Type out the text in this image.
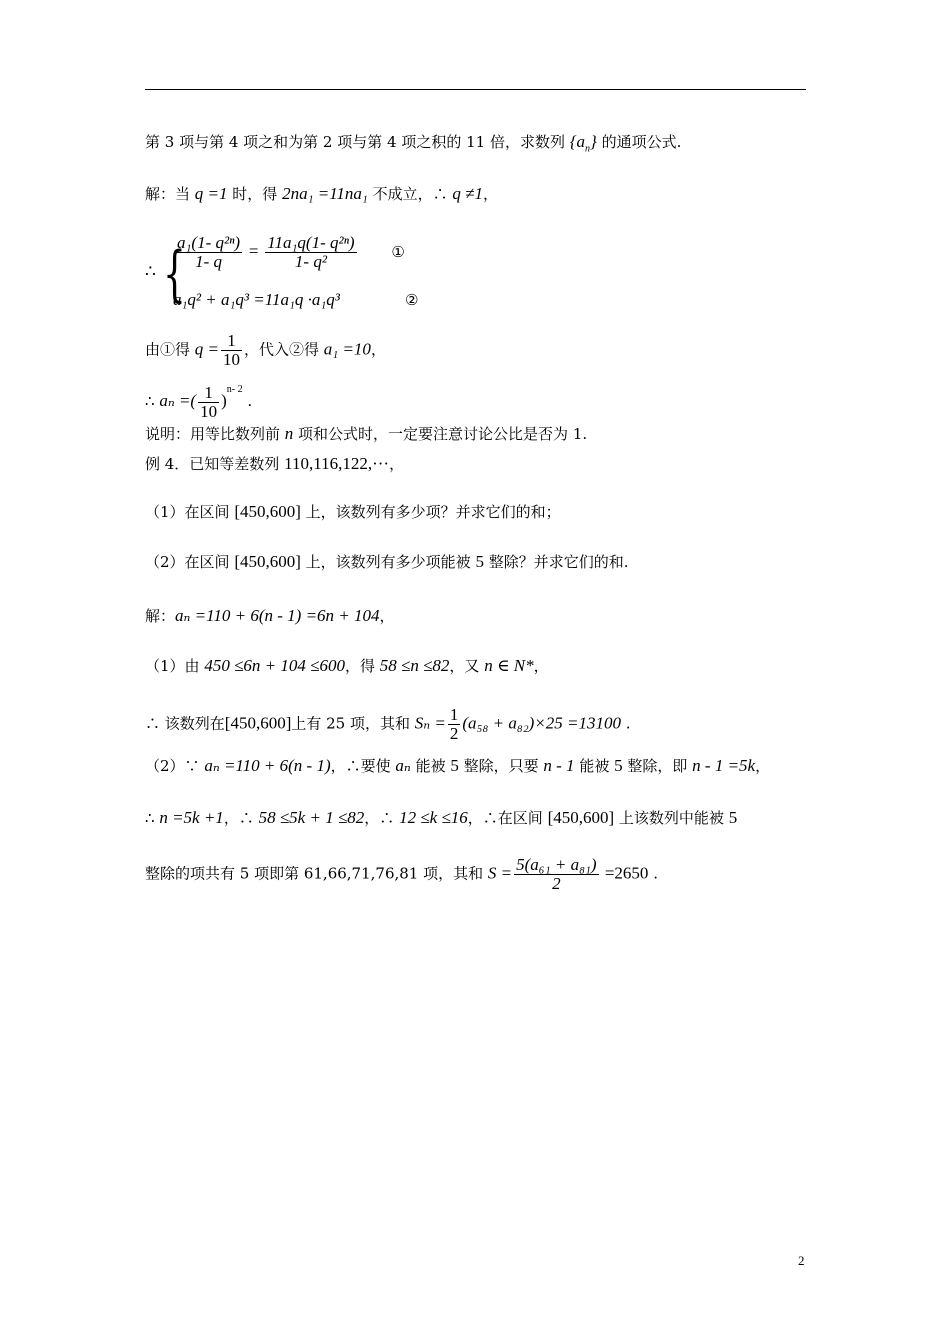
第 3 项与第 4 项之和为第 2 项与第 4 项之积的 11 倍，求数列 $\{a_n\}$ 的通项公式.
解：当 q =1 时，得 2na₁ =11na₁ 不成立，∴ q ≠1，
∴ {
$\frac{\text{a₁(1- q²ⁿ)}}{1- q} = \frac{\text{11a₁q(1- q²ⁿ)}}{\text{1- q²}}$ ①
a₁q² + a₁q³ =11a₁q ·a₁q³	②
由①得 $q = \frac{1}{10}$ ，代入②得 a₁ =10，
∴ aₙ =( $\frac{1}{10} )^{n- 2}$ .
说明：用等比数列前 n 项和公式时，一定要注意讨论公比是否为 1.
例 4．已知等差数列 110,116,122,···，
（1）在区间 [450,600] 上，该数列有多少项？并求它们的和；
（2）在区间 [450,600] 上，该数列有多少项能被 5 整除？并求它们的和.
解：aₙ =110 + 6(n - 1) =6n + 104，
（1）由 450 ≤6n + 104 ≤600，得 58 ≤n ≤82，又 n ∈ N*，
∴ 该数列在[450,600]上有 25 项，其和 $S_n = \frac{1}{2} (a_{58} + a_{82})\times 25 =13100$ .
（2）∵ aₙ =110 + 6(n - 1)，∴要使 aₙ 能被 5 整除，只要 n - 1 能被 5 整除，即 n - 1 =5k，
∴ n =5k +1，∴ 58 ≤5k + 1 ≤82，∴ 12 ≤k ≤16，∴在区间 [450,600] 上该数列中能被 5
整除的项共有 5 项即第 61,66,71,76,81 项，其和 $S = \frac{\text{5(a₆₁ + a₈₁)}}{2} =2650$ .
2
